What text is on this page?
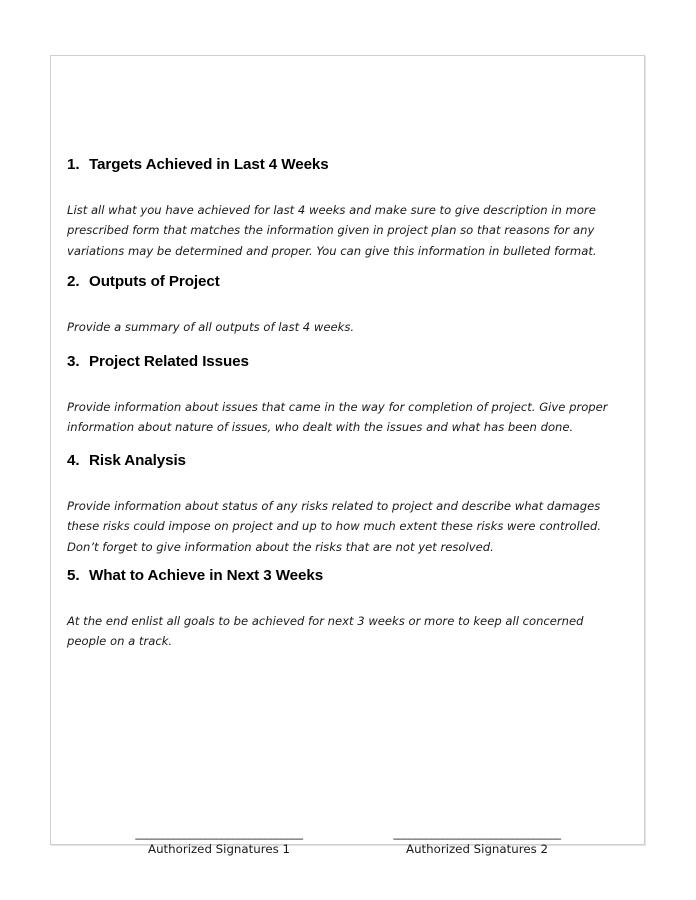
1. Targets Achieved in Last 4 Weeks
List all what you have achieved for last 4 weeks and make sure to give description in more prescribed form that matches the information given in project plan so that reasons for any variations may be determined and proper. You can give this information in bulleted format.
2. Outputs of Project
Provide a summary of all outputs of last 4 weeks.
3. Project Related Issues
Provide information about issues that came in the way for completion of project. Give proper information about nature of issues, who dealt with the issues and what has been done.
4. Risk Analysis
Provide information about status of any risks related to project and describe what damages these risks could impose on project and up to how much extent these risks were controlled. Don’t forget to give information about the risks that are not yet resolved.
5. What to Achieve in Next 3 Weeks
At the end enlist all goals to be achieved for next 3 weeks or more to keep all concerned people on a track.
_______________________________
Authorized Signatures 1
_______________________________
Authorized Signatures 2
